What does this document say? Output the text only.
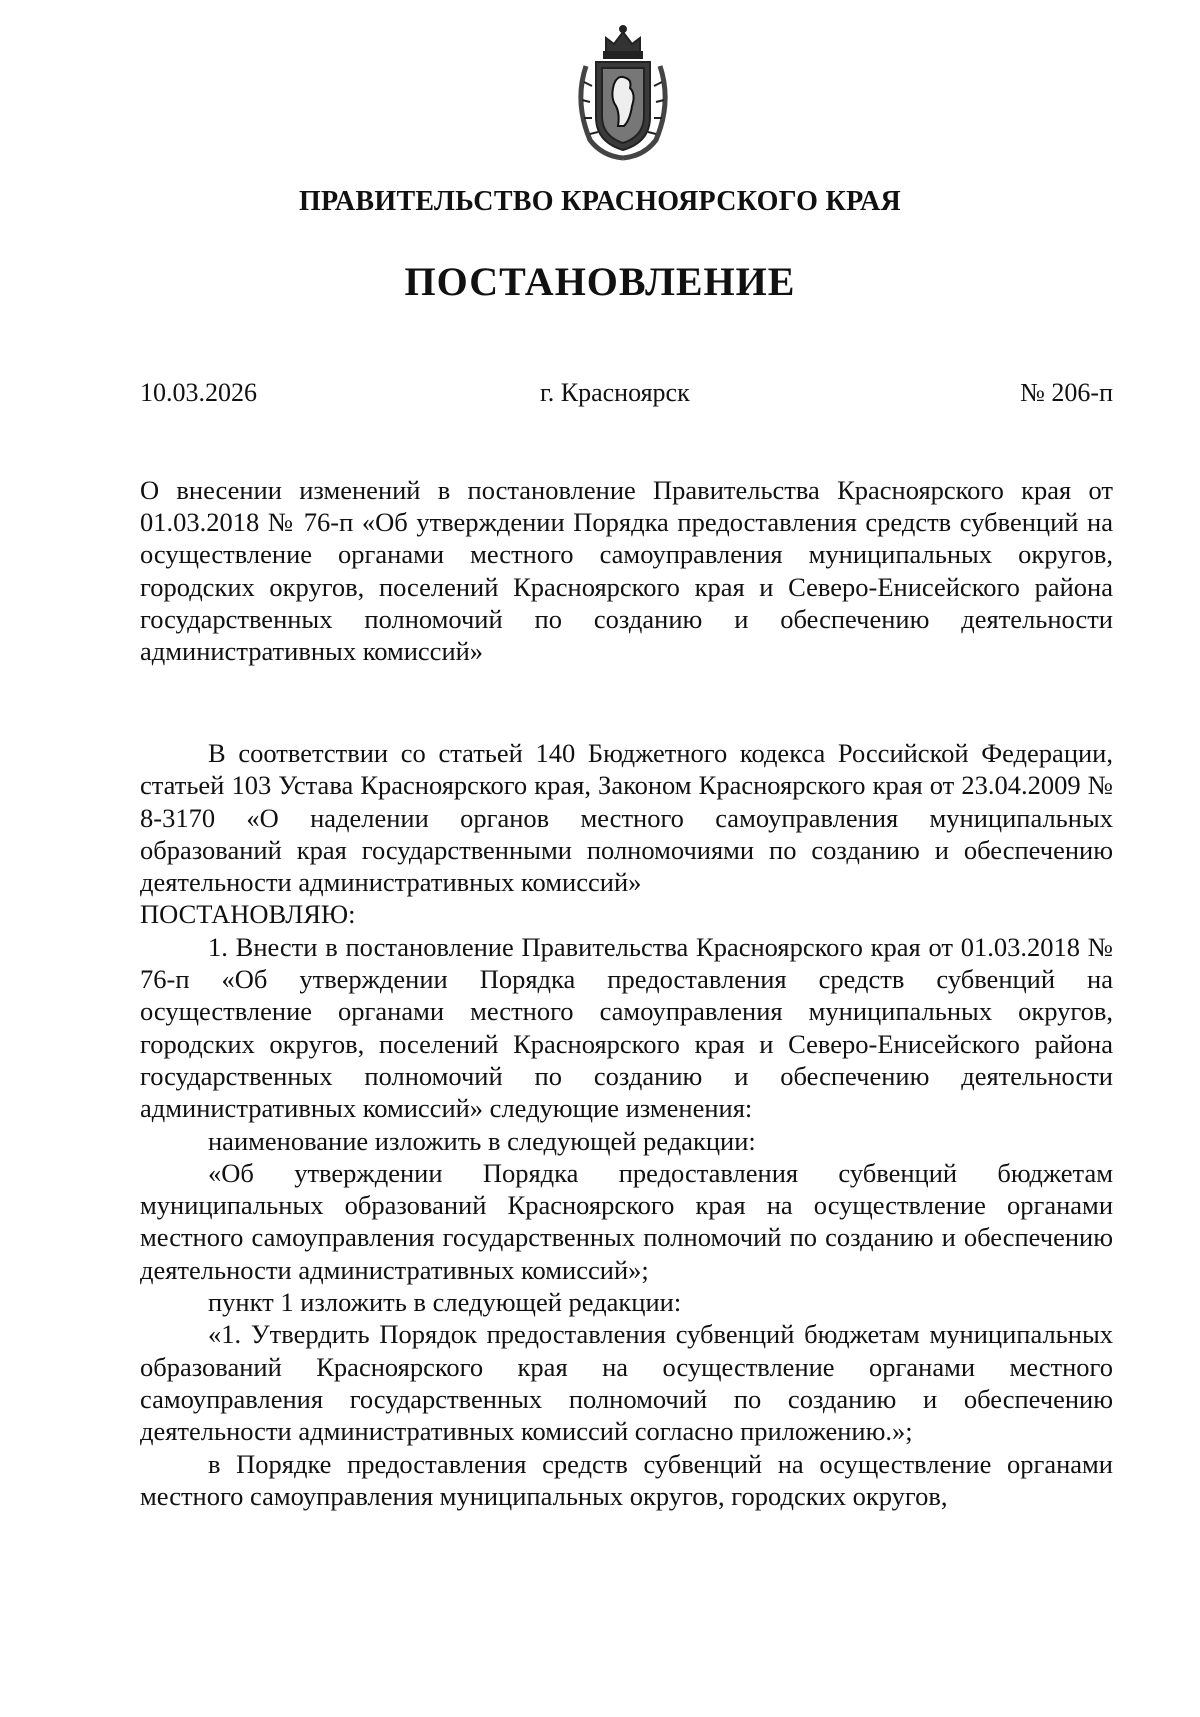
ПРАВИТЕЛЬСТВО КРАСНОЯРСКОГО КРАЯ
ПОСТАНОВЛЕНИЕ
10.03.2026	г. Красноярск	№ 206-п
О внесении изменений в постановление Правительства Красноярского края от 01.03.2018 № 76-п «Об утверждении Порядка предоставления средств субвенций на осуществление органами местного самоуправления муниципальных округов, городских округов, поселений Красноярского края и Северо-Енисейского района государственных полномочий по созданию и обеспечению деятельности административных комиссий»

В соответствии со статьей 140 Бюджетного кодекса Российской Федерации, статьей 103 Устава Красноярского края, Законом Красноярского края от 23.04.2009 № 8-3170 «О наделении органов местного самоуправления муниципальных образований края государственными полномочиями по созданию и обеспечению деятельности административных комиссий»

ПОСТАНОВЛЯЮ:

1. Внести в постановление Правительства Красноярского края от 01.03.2018 № 76-п «Об утверждении Порядка предоставления средств субвенций на осуществление органами местного самоуправления муниципальных округов, городских округов, поселений Красноярского края и Северо-Енисейского района государственных полномочий по созданию и обеспечению деятельности административных комиссий» следующие изменения:

наименование изложить в следующей редакции:

«Об утверждении Порядка предоставления субвенций бюджетам муниципальных образований Красноярского края на осуществление органами местного самоуправления государственных полномочий по созданию и обеспечению деятельности административных комиссий»;

пункт 1 изложить в следующей редакции:

«1. Утвердить Порядок предоставления субвенций бюджетам муниципальных образований Красноярского края на осуществление органами местного самоуправления государственных полномочий по созданию и обеспечению деятельности административных комиссий согласно приложению.»;

в Порядке предоставления средств субвенций на осуществление органами местного самоуправления муниципальных округов, городских округов,
